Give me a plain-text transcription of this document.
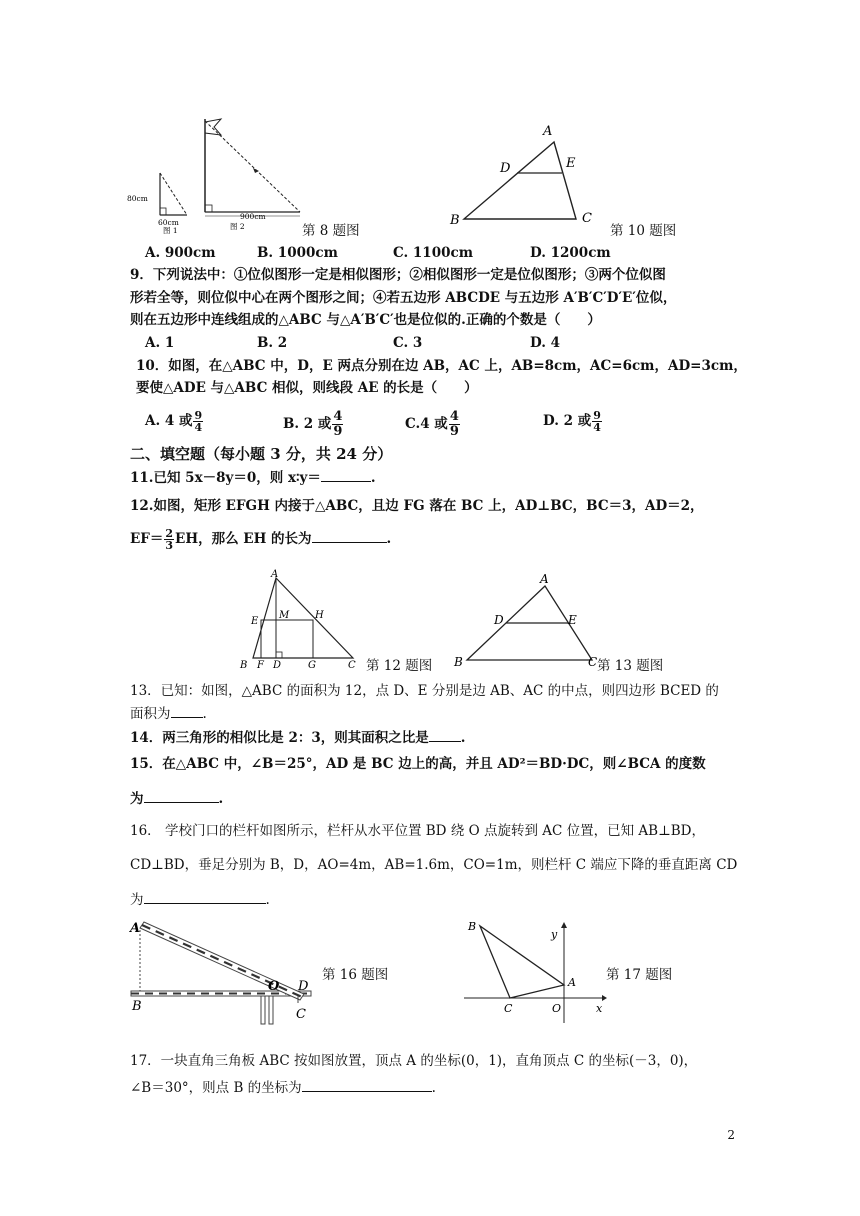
80cm
60cm
图 1
900cm
图 2	第 8 题图
A
D	E
B	C
第 10 题图
A. 900cm	B. 1000cm	C. 1100cm	D. 1200cm
9．下列说法中：①位似图形一定是相似图形；②相似图形一定是位似图形；③两个位似图
形若全等，则位似中心在两个图形之间；④若五边形 ABCDE 与五边形 A′B′C′D′E′位似，
则在五边形中连线组成的△ABC 与△A′B′C′也是位似的.正确的个数是（　　）
A. 1	B. 2	C. 3	D. 4
10．如图，在△ABC 中，D，E 两点分别在边 AB，AC 上，AB=8cm，AC=6cm，AD=3cm，
要使△ADE 与△ABC 相似，则线段 AE 的长是（　　）
A. 4 或 $\frac{9}{4}$	B. 2 或 $\frac{4}{9}$	C.4 或 $\frac{4}{9}$	D. 2 或 $\frac{9}{4}$
二、填空题（每小题 3 分，共 24 分）
11.已知 5x－8y＝0，则 x∶y＝	.
12.如图，矩形 EFGH 内接于△ABC，且边 FG 落在 BC 上，AD⊥BC，BC＝3，AD＝2，
$EF= \frac{2}{3}$ EH，那么 EH 的长为	.
A
E
M	H
B F D	G	C 第 12 题图
A
D	E
B	C 第 13 题图
13．已知：如图，△ABC 的面积为 12，点 D、E 分别是边 AB、AC 的中点，则四边形 BCED 的
面积为 .
14．两三角形的相似比是 2：3，则其面积之比是 .
15．在△ABC 中，∠B＝25°，AD 是 BC 边上的高，并且 AD²＝BD·DC，则∠BCA 的度数
为	.
16． 学校门口的栏杆如图所示，栏杆从水平位置 BD 绕 O 点旋转到 AC 位置，已知 AB⊥BD，
CD⊥BD，垂足分别为 B，D，AO=4m，AB=1.6m，CO=1m，则栏杆 C 端应下降的垂直距离 CD
为	.
A
B
O D
C
第 16 题图
B
y
A
C	O	x
第 17 题图
17．一块直角三角板 ABC 按如图放置，顶点 A 的坐标(0，1)，直角顶点 C 的坐标(－3，0)，
∠B＝30°，则点 B 的坐标为	.
2
